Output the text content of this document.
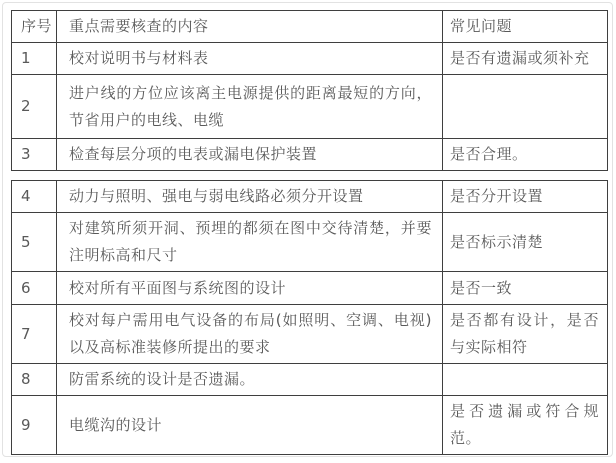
序号	重点需要核查的内容	常见问题
1	校对说明书与材料表	是否有遗漏或须补充
2	进户线的方位应该离主电源提供的距离最短的方向，节省用户的电线、电缆	
3	检查每层分项的电表或漏电保护装置	是否合理。
4	动力与照明、强电与弱电线路必须分开设置	是否分开设置
5	对建筑所须开洞、预埋的都须在图中交待清楚，并要注明标高和尺寸	是否标示清楚
6	校对所有平面图与系统图的设计	是否一致
7	校对每户需用电气设备的布局(如照明、空调、电视)以及高标准装修所提出的要求	是否都有设计，是否与实际相符
8	防雷系统的设计是否遗漏。	
9	电缆沟的设计	是否遗漏或符合规范。
